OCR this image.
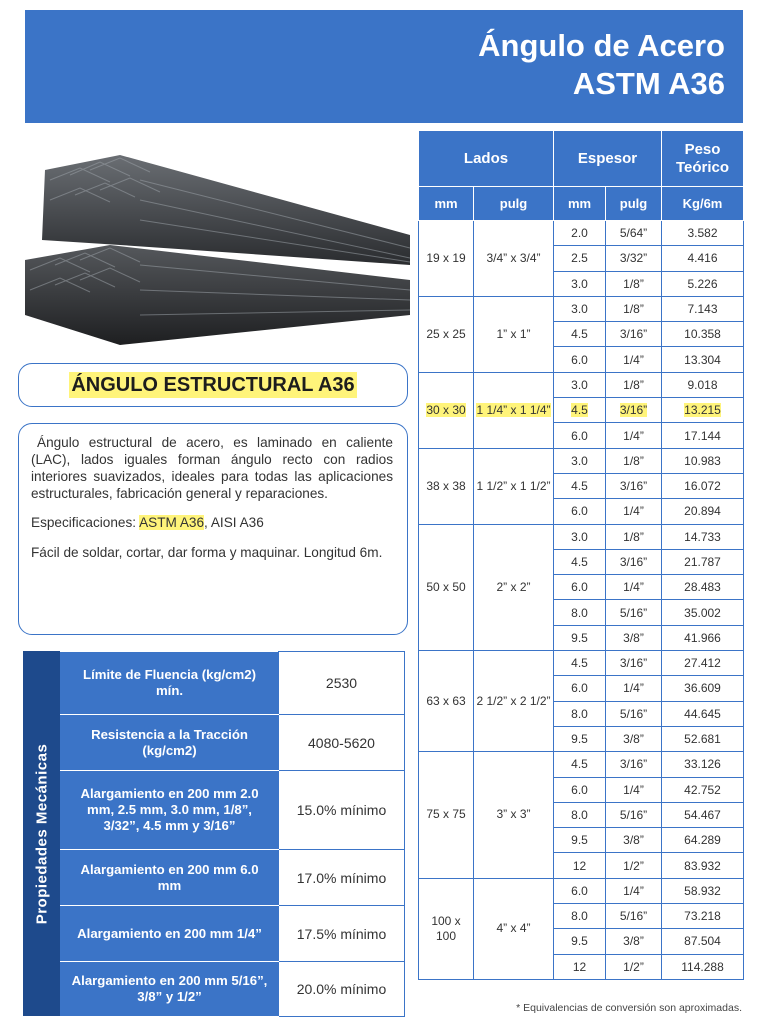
Ángulo de Acero
ASTM A36
ÁNGULO ESTRUCTURAL A36

Ángulo estructural de acero, es laminado en caliente (LAC), lados iguales forman ángulo recto con radios interiores suavizados, ideales para todas las aplicaciones estructurales, fabricación general y reparaciones.

Especificaciones: ASTM A36, AISI A36

Fácil de soldar, cortar, dar forma y maquinar. Longitud 6m.

Propiedades Mecánicas
Límite de Fluencia (kg/cm2) mín.	2530
Resistencia a la Tracción (kg/cm2)	4080-5620
Alargamiento en 200 mm 2.0 mm, 2.5 mm, 3.0 mm, 1/8”, 3/32”, 4.5 mm y 3/16”	15.0% mínimo
Alargamiento en 200 mm 6.0 mm	17.0% mínimo
Alargamiento en 200 mm 1/4”	17.5% mínimo
Alargamiento en 200 mm 5/16”, 3/8” y 1/2”	20.0% mínimo
Lados		Espesor		Peso Teórico
mm	pulg	mm	pulg	Kg/6m
19 x 19	3/4” x 3/4”	2.0	5/64”	3.582
		2.5	3/32”	4.416
		3.0	1/8”	5.226
25 x 25	1” x 1”	3.0	1/8”	7.143
		4.5	3/16”	10.358
		6.0	1/4”	13.304
30 x 30	1 1/4” x 1 1/4”	3.0	1/8”	9.018
		4.5	3/16”	13.215
		6.0	1/4”	17.144
38 x 38	1 1/2” x 1 1/2”	3.0	1/8”	10.983
		4.5	3/16”	16.072
		6.0	1/4”	20.894
50 x 50	2” x 2”	3.0	1/8”	14.733
		4.5	3/16”	21.787
		6.0	1/4”	28.483
		8.0	5/16”	35.002
		9.5	3/8”	41.966
63 x 63	2 1/2” x 2 1/2”	4.5	3/16”	27.412
		6.0	1/4”	36.609
		8.0	5/16”	44.645
		9.5	3/8”	52.681
75 x 75	3” x 3”	4.5	3/16”	33.126
		6.0	1/4”	42.752
		8.0	5/16”	54.467
		9.5	3/8”	64.289
		12	1/2”	83.932
100 x 100	4” x 4”	6.0	1/4”	58.932
		8.0	5/16”	73.218
		9.5	3/8”	87.504
		12	1/2”	114.288
* Equivalencias de conversión son aproximadas.
